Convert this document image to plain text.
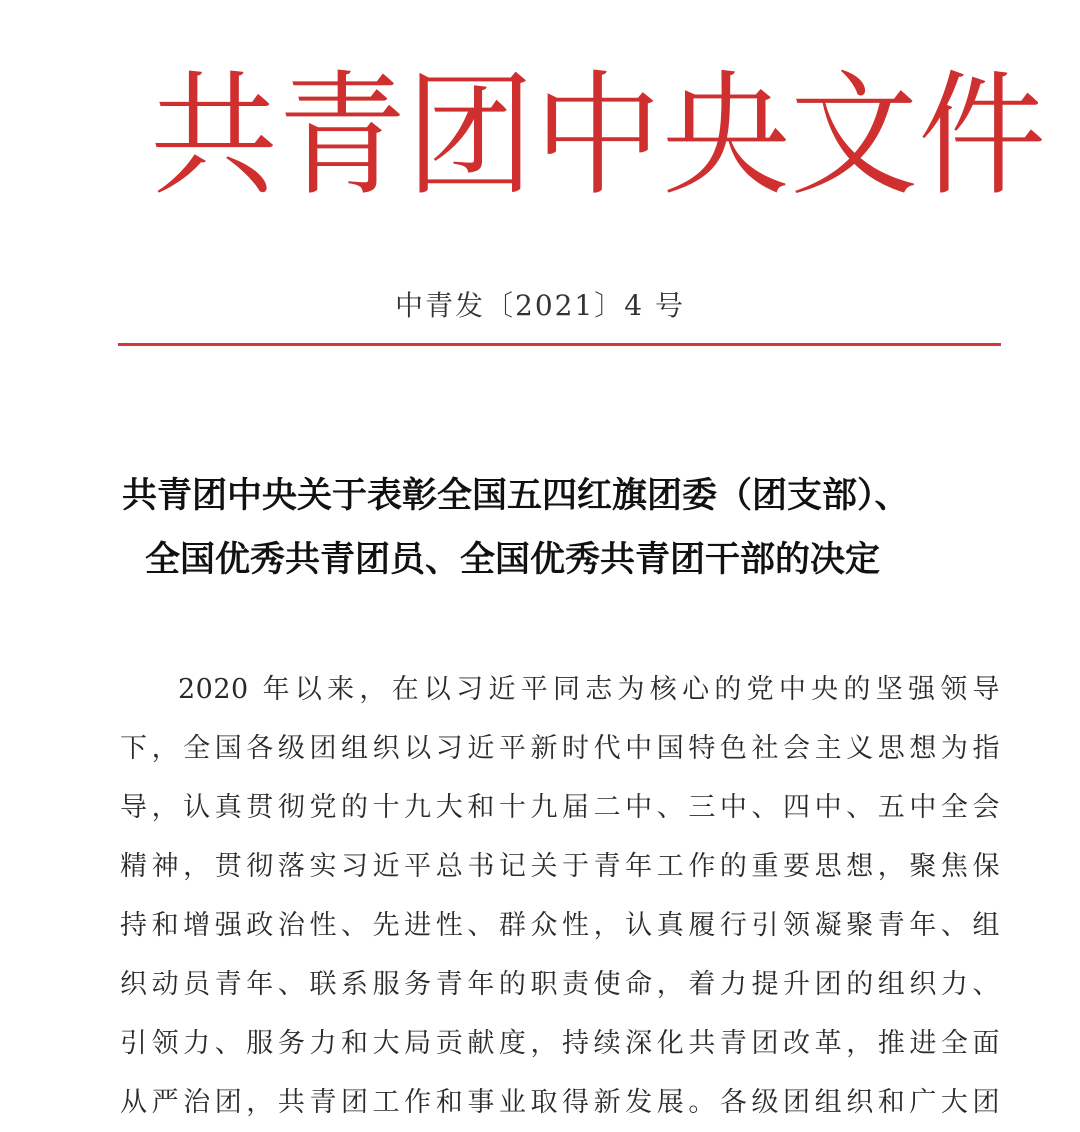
共 青 团 中 央 文 件
中青发〔2021〕4 号
共青团中央关于表彰全国五四红旗团委（团支部）、
全国优秀共青团员、全国优秀共青团干部的决定
2020 年以来，在以习近平同志为核心的党中央的坚强领导
下，全国各级团组织以习近平新时代中国特色社会主义思想为指
导，认真贯彻党的十九大和十九届二中、三中、四中、五中全会
精神，贯彻落实习近平总书记关于青年工作的重要思想，聚焦保
持和增强政治性、先进性、群众性，认真履行引领凝聚青年、组
织动员青年、联系服务青年的职责使命，着力提升团的组织力、
引领力、服务力和大局贡献度，持续深化共青团改革，推进全面
从严治团，共青团工作和事业取得新发展。各级团组织和广大团
